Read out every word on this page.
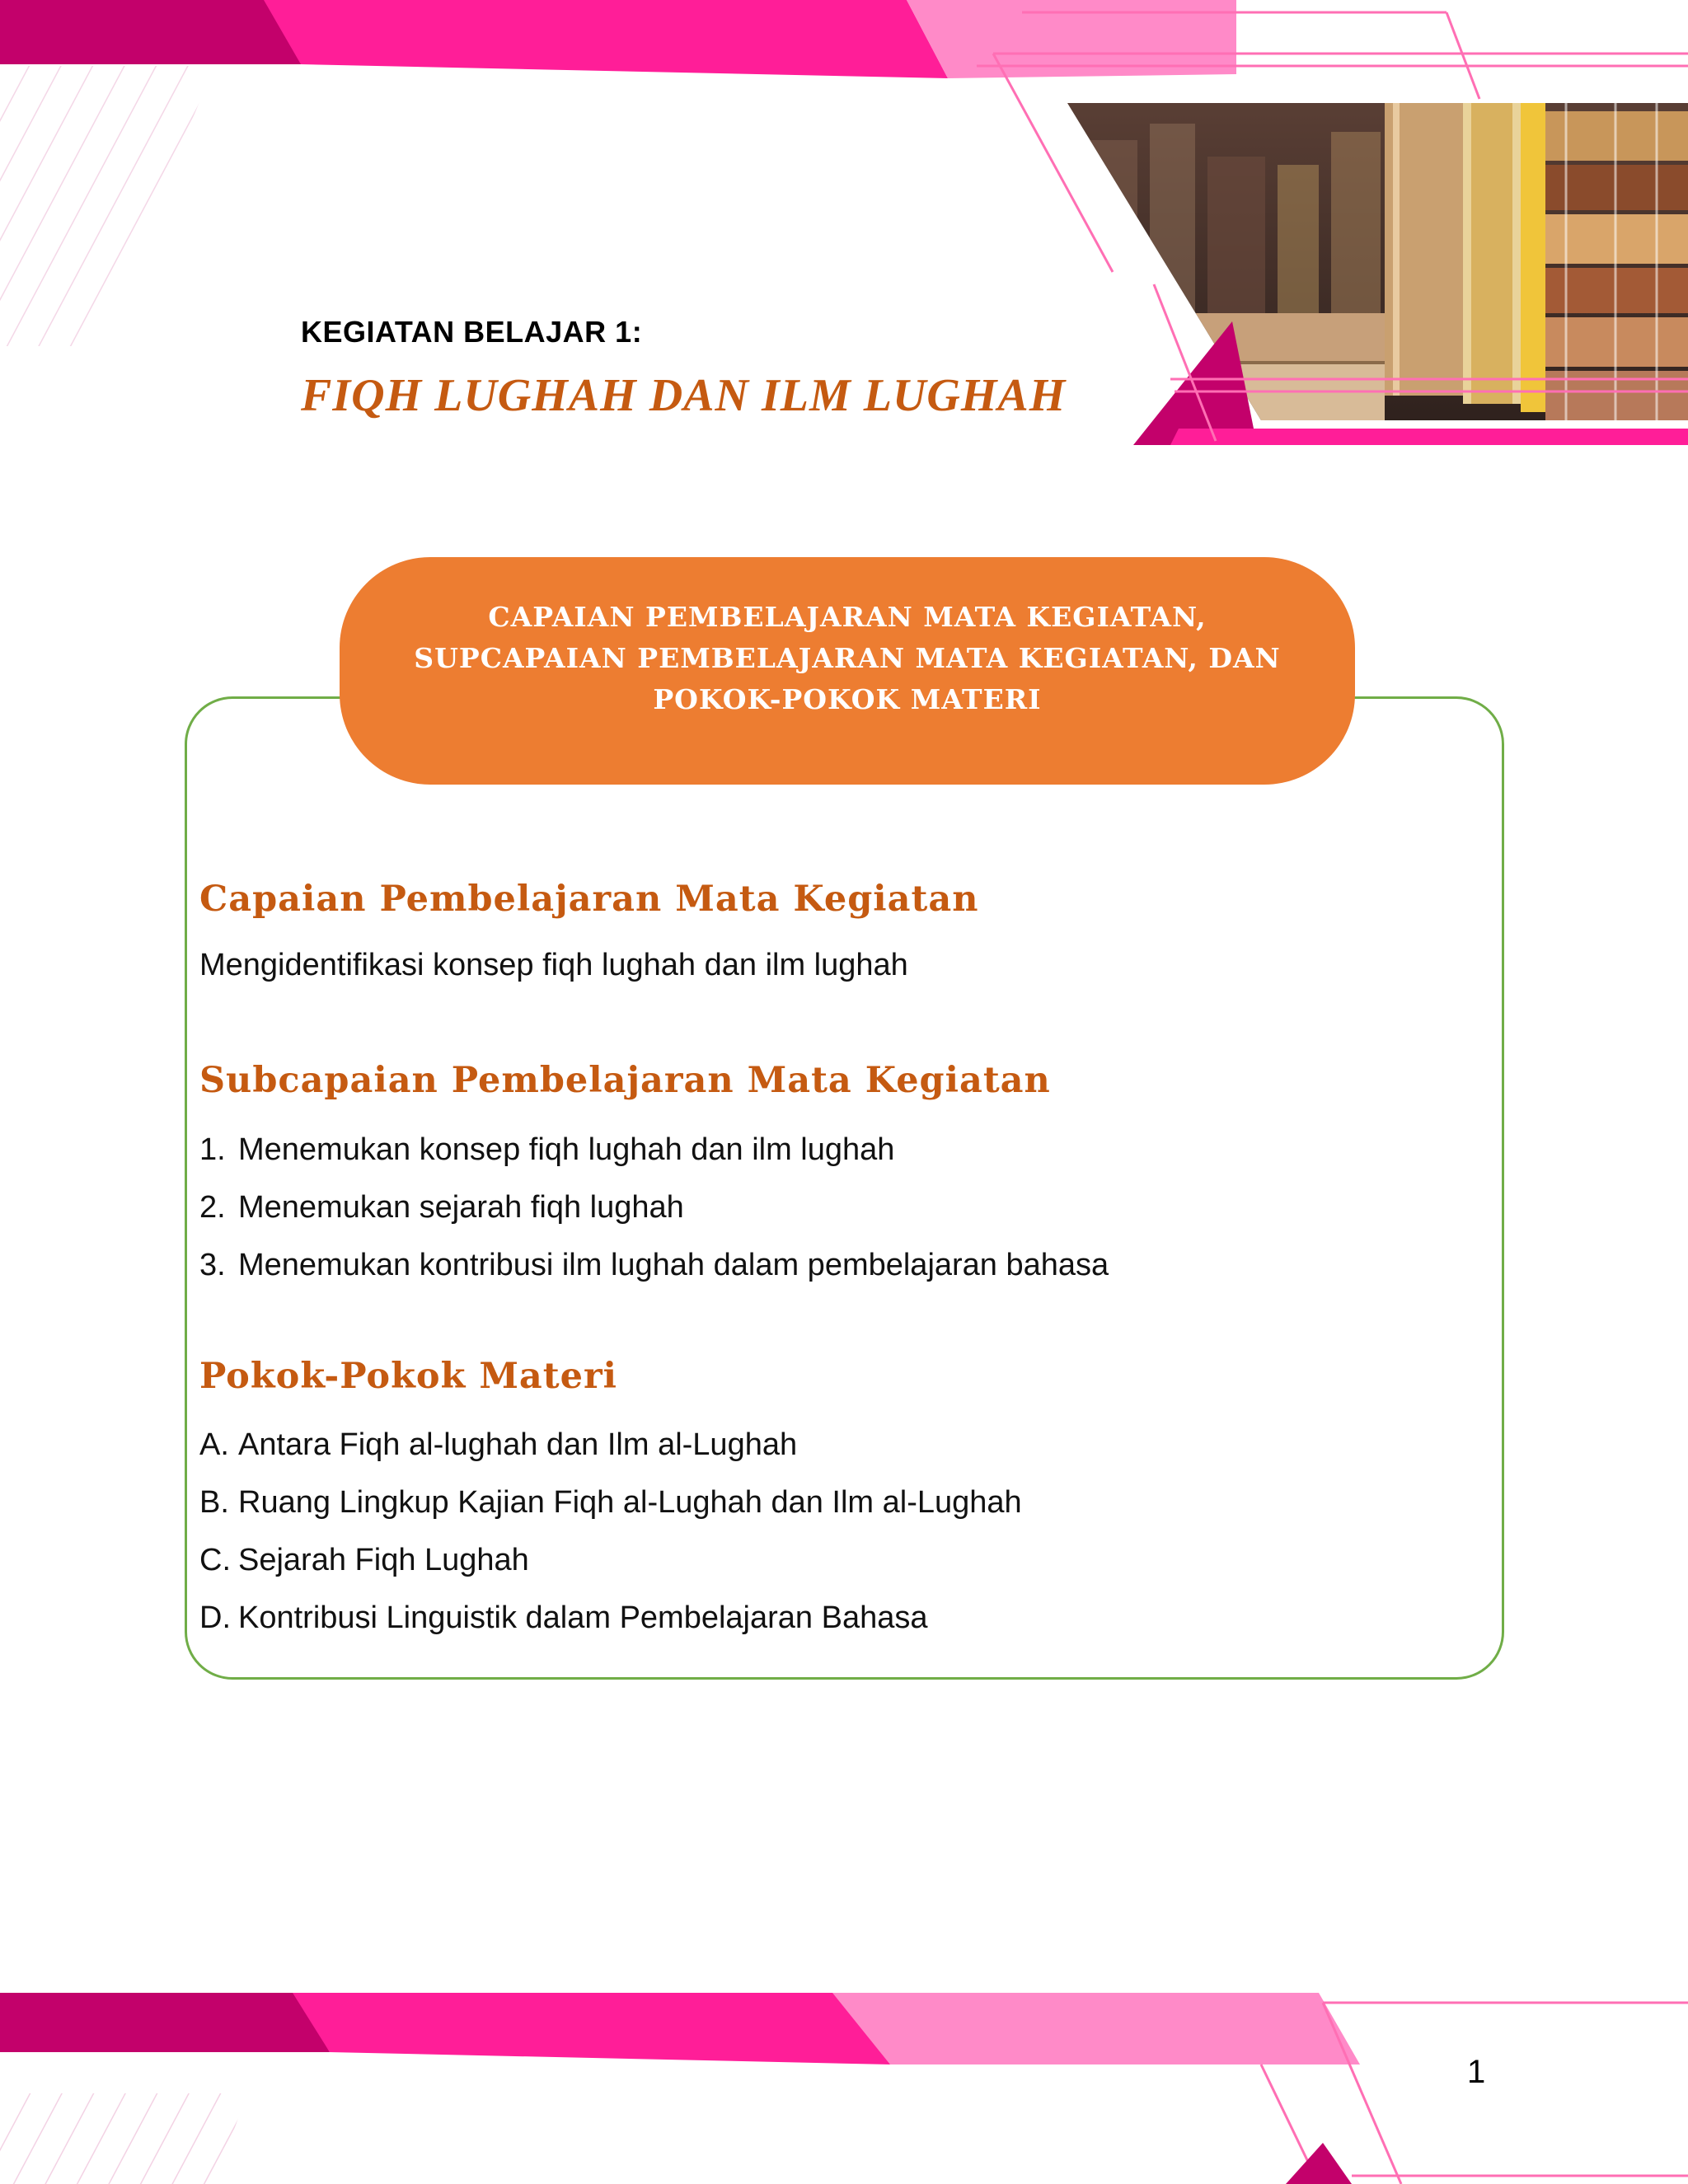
KEGIATAN BELAJAR 1:
FIQH LUGHAH DAN ILM LUGHAH
CAPAIAN PEMBELAJARAN MATA KEGIATAN,
SUPCAPAIAN PEMBELAJARAN MATA KEGIATAN, DAN
POKOK-POKOK MATERI
Capaian Pembelajaran Mata Kegiatan

Mengidentifikasi konsep fiqh lughah dan ilm lughah

Subcapaian Pembelajaran Mata Kegiatan
1. Menemukan konsep fiqh lughah dan ilm lughah
2. Menemukan sejarah fiqh lughah
3. Menemukan kontribusi ilm lughah dalam pembelajaran bahasa
Pokok-Pokok Materi
A. Antara Fiqh al-lughah dan Ilm al-Lughah
B. Ruang Lingkup Kajian Fiqh al-Lughah dan Ilm al-Lughah
C. Sejarah Fiqh Lughah
D. Kontribusi Linguistik dalam Pembelajaran Bahasa
1
